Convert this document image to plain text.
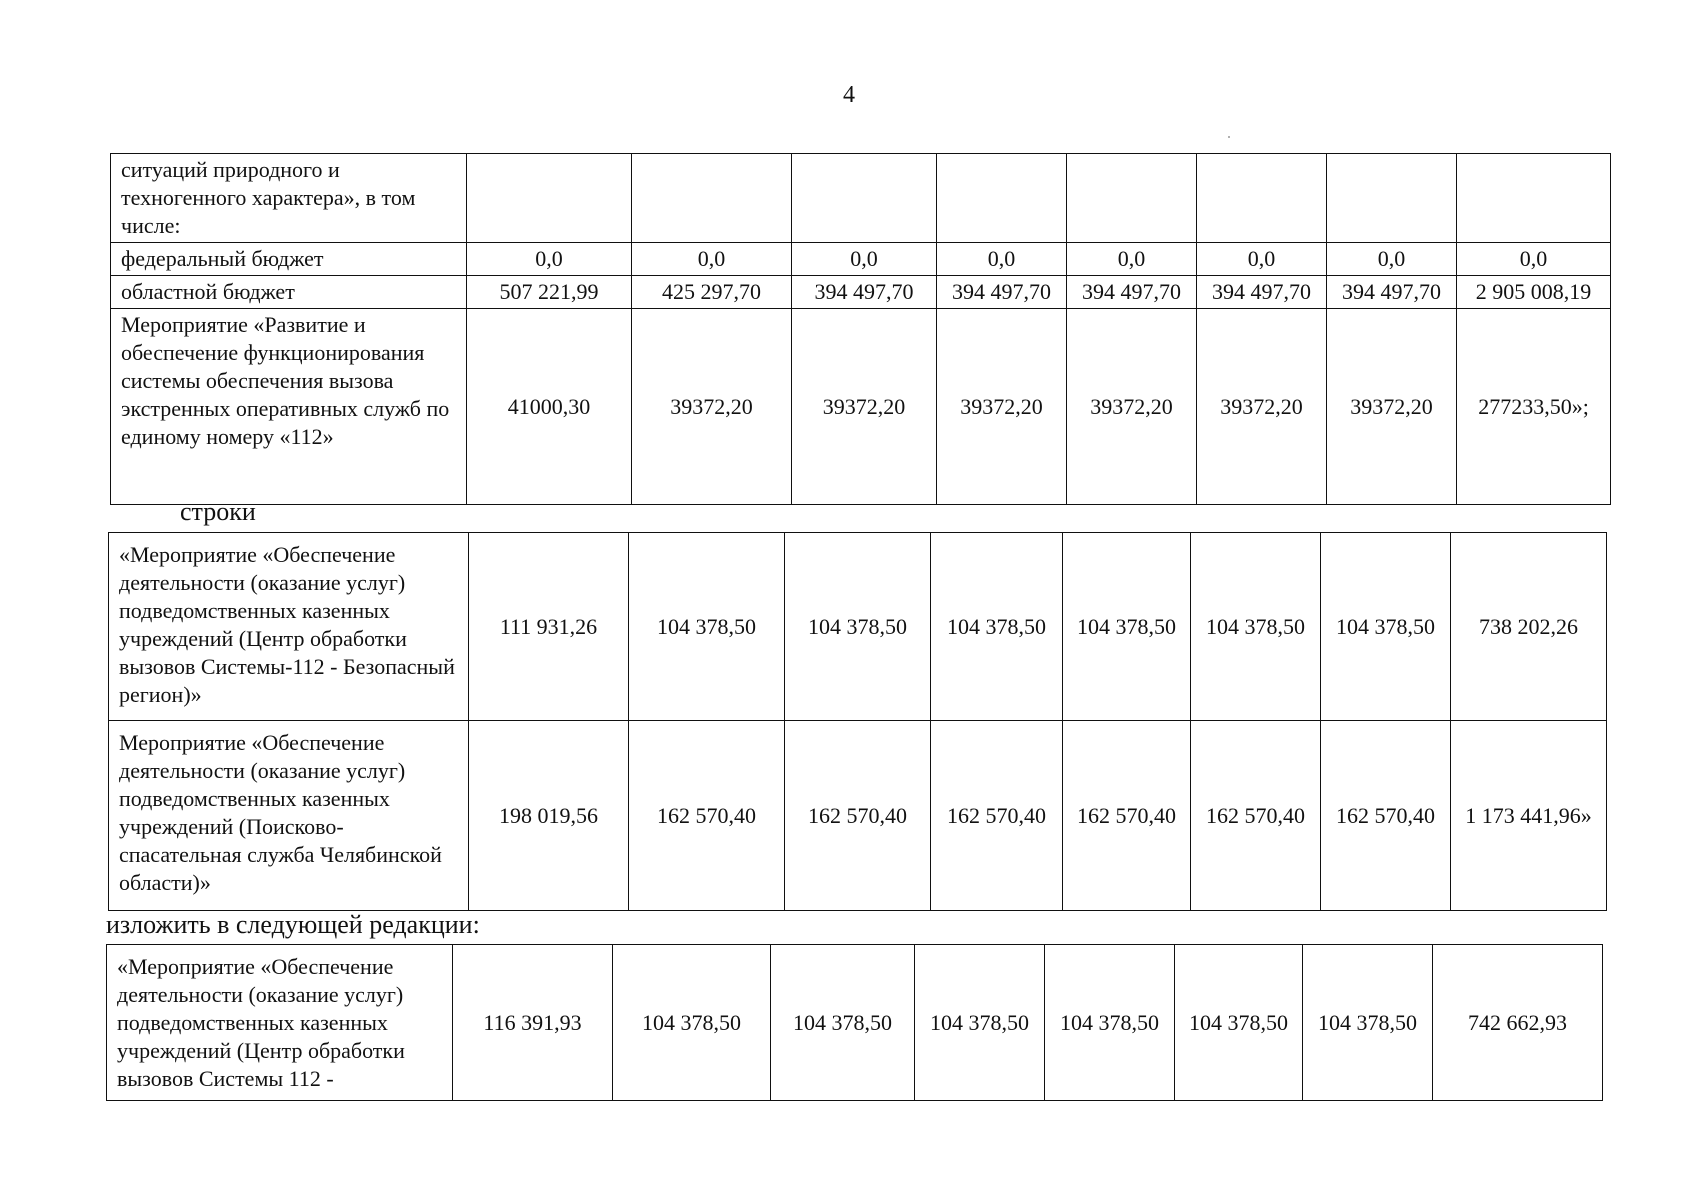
4
ситуаций природного и техногенного характера», в том числе:								
федеральный бюджет	0,0	0,0	0,0	0,0	0,0	0,0	0,0	0,0
областной бюджет	507 221,99	425 297,70	394 497,70	394 497,70	394 497,70	394 497,70	394 497,70	2 905 008,19
Мероприятие «Развитие и обеспечение функционирования системы обеспечения вызова экстренных оперативных служб по единому номеру «112»	41000,30	39372,20	39372,20	39372,20	39372,20	39372,20	39372,20	277233,50»;
строки
«Мероприятие «Обеспечение деятельности (оказание услуг) подведомственных казенных учреждений (Центр обработки вызовов Системы-112 - Безопасный регион)»	111 931,26	104 378,50	104 378,50	104 378,50	104 378,50	104 378,50	104 378,50	738 202,26
Мероприятие «Обеспечение деятельности (оказание услуг) подведомственных казенных учреждений (Поисково-спасательная служба Челябинской области)»	198 019,56	162 570,40	162 570,40	162 570,40	162 570,40	162 570,40	162 570,40	1 173 441,96»
изложить в следующей редакции:
«Мероприятие «Обеспечение деятельности (оказание услуг) подведомственных казенных учреждений (Центр обработки вызовов Системы 112 -	116 391,93	104 378,50	104 378,50	104 378,50	104 378,50	104 378,50	104 378,50	742 662,93
